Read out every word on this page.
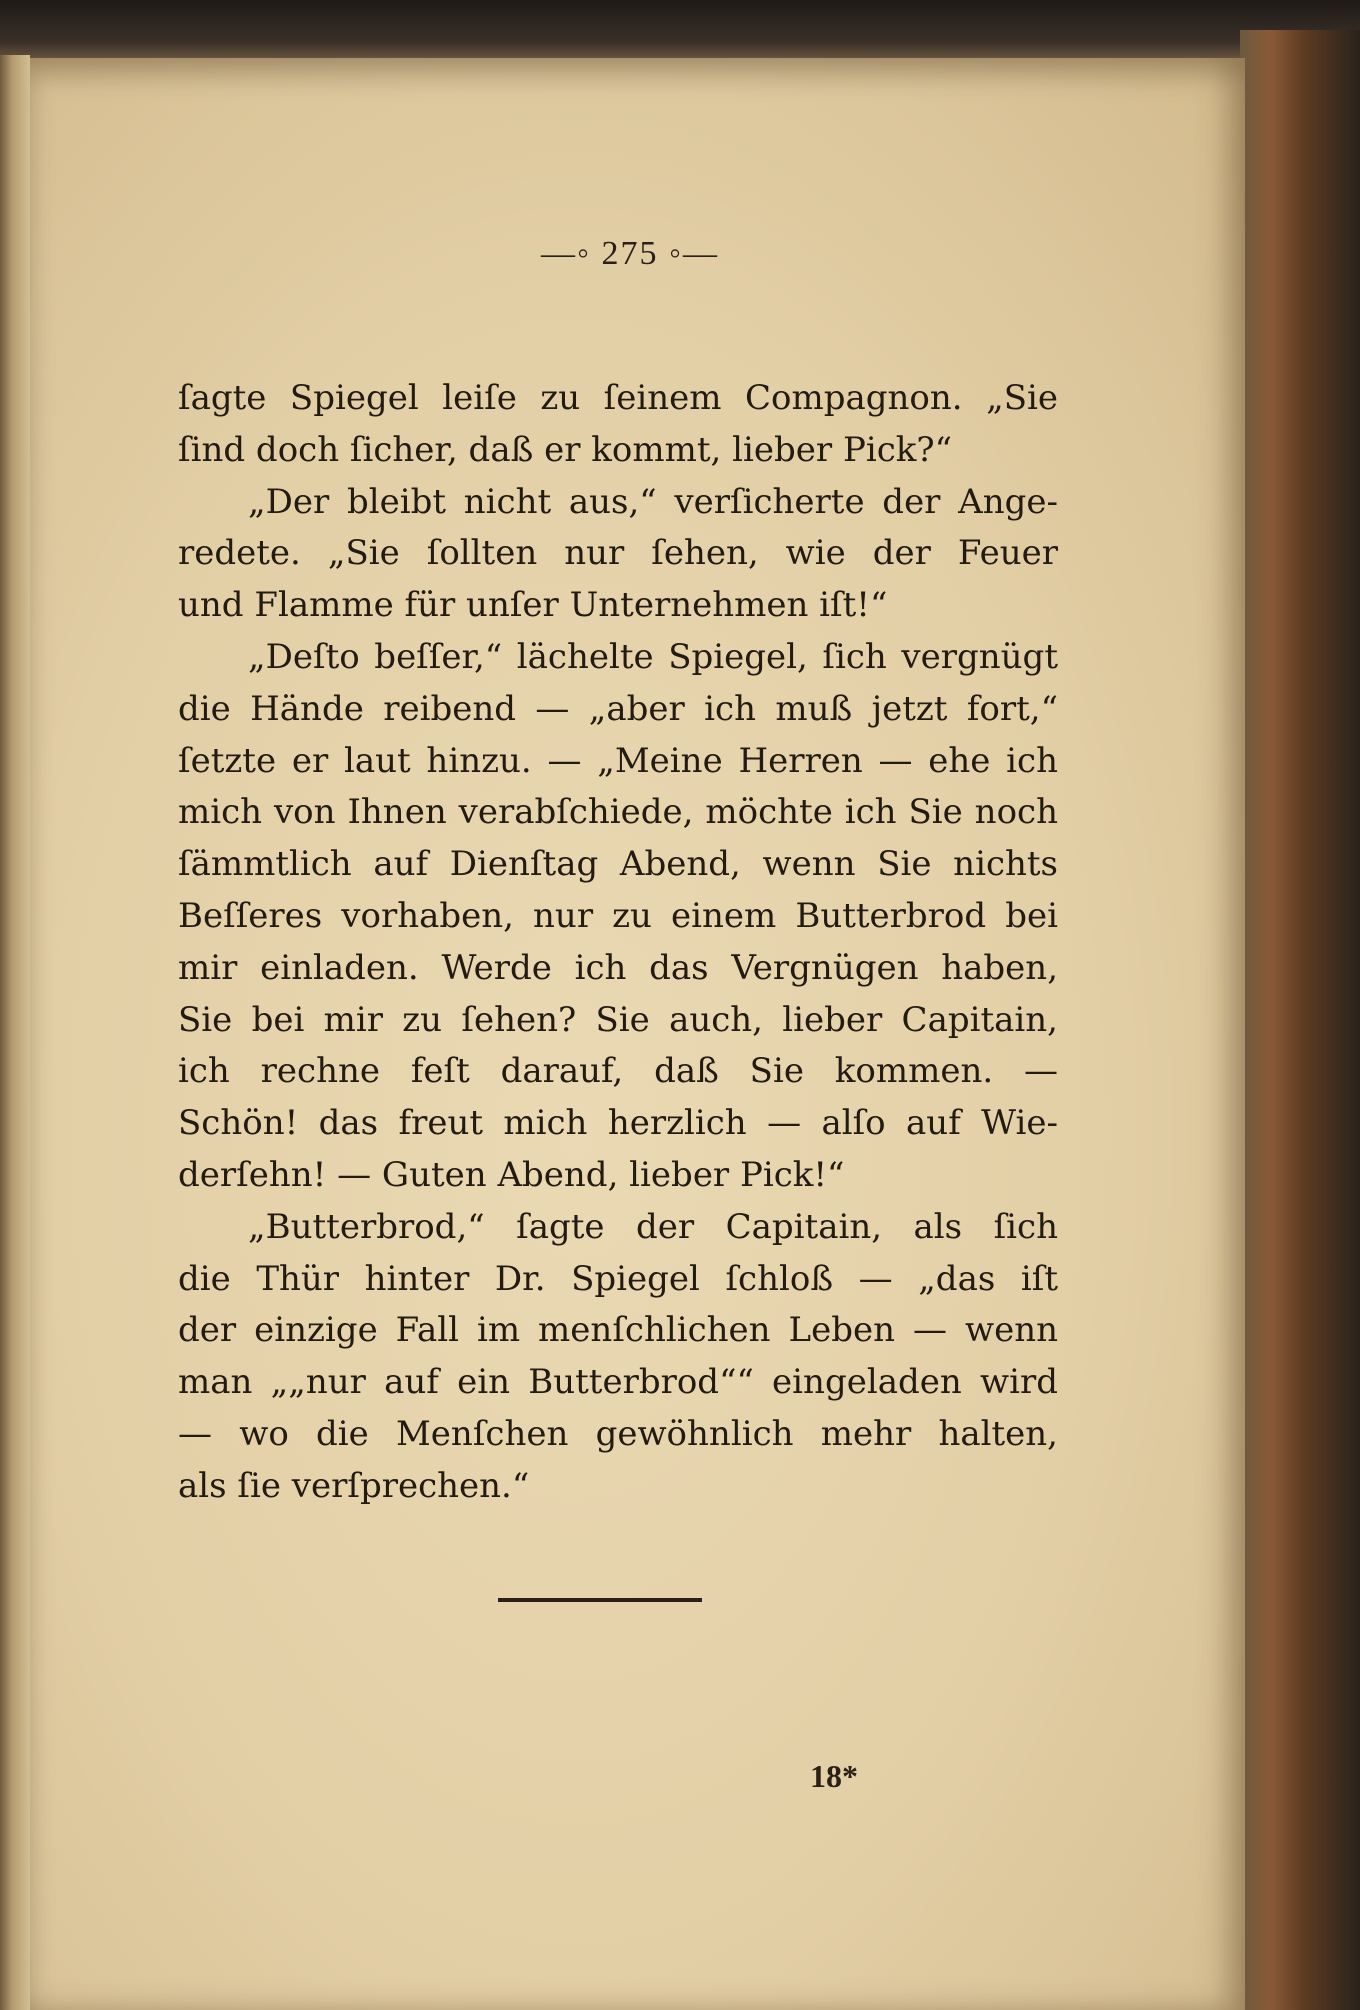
—◦ 275 ◦—
ſagte Spiegel leiſe zu ſeinem Compagnon. „Sie
ſind doch ſicher, daß er kommt, lieber Pick?“
„Der bleibt nicht aus,“ verſicherte der Ange-
redete. „Sie ſollten nur ſehen, wie der Feuer
und Flamme für unſer Unternehmen iſt!“
„Deſto beſſer,“ lächelte Spiegel, ſich vergnügt
die Hände reibend — „aber ich muß jetzt fort,“
ſetzte er laut hinzu. — „Meine Herren — ehe ich
mich von Ihnen verabſchiede, möchte ich Sie noch
ſämmtlich auf Dienſtag Abend, wenn Sie nichts
Beſſeres vorhaben, nur zu einem Butterbrod bei
mir einladen. Werde ich das Vergnügen haben,
Sie bei mir zu ſehen? Sie auch, lieber Capitain,
ich rechne feſt darauf, daß Sie kommen. —
Schön! das freut mich herzlich — alſo auf Wie-
derſehn! — Guten Abend, lieber Pick!“
„Butterbrod,“ ſagte der Capitain, als ſich
die Thür hinter Dr. Spiegel ſchloß — „das iſt
der einzige Fall im menſchlichen Leben — wenn
man „„nur auf ein Butterbrod““ eingeladen wird
— wo die Menſchen gewöhnlich mehr halten,
als ſie verſprechen.“
18*
